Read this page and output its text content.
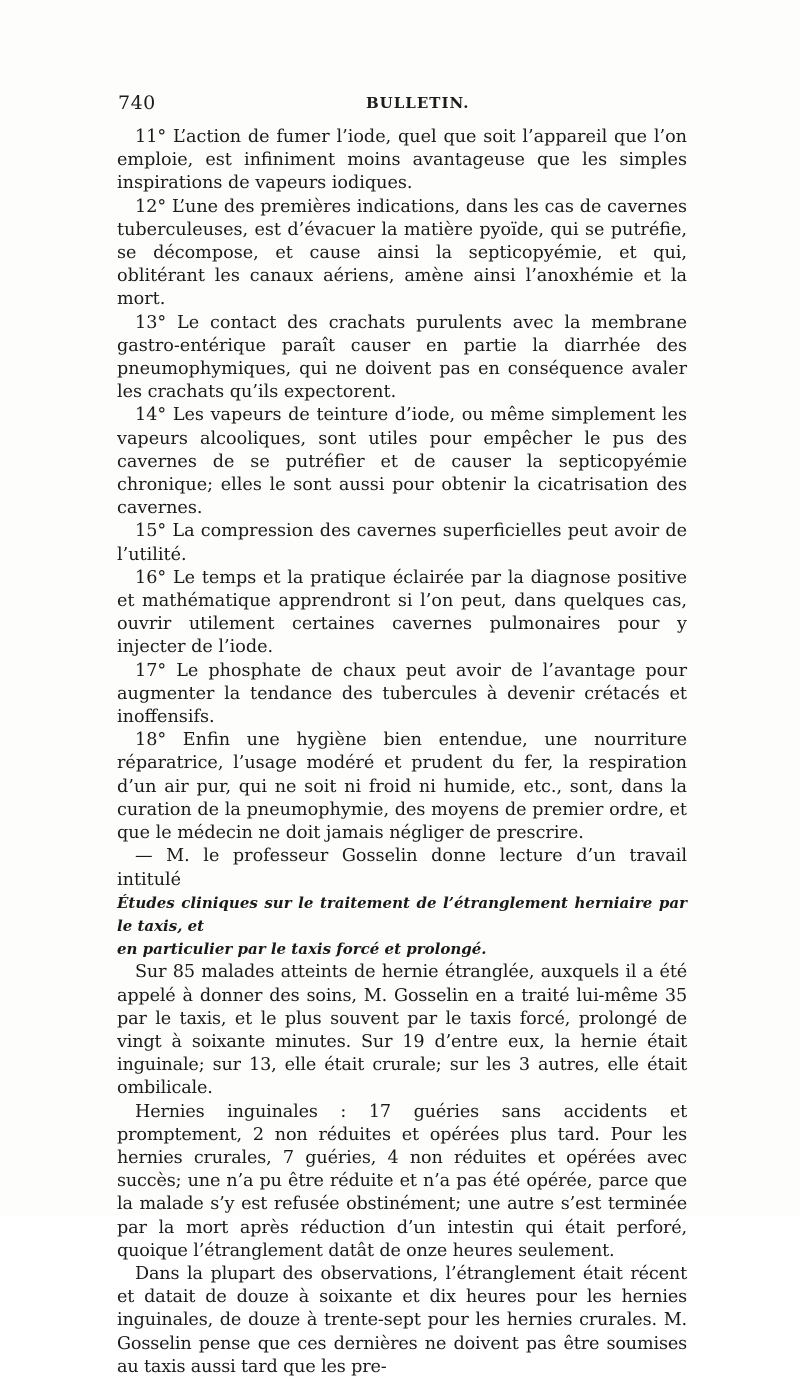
740	BULLETIN.

11° L’action de fumer l’iode, quel que soit l’appareil que l’on emploie, est infiniment moins avantageuse que les simples inspirations de vapeurs iodiques.

12° L’une des premières indications, dans les cas de cavernes tuberculeuses, est d’évacuer la matière pyoïde, qui se putréfie, se décompose, et cause ainsi la septicopyémie, et qui, oblitérant les canaux aériens, amène ainsi l’anoxhémie et la mort.

13° Le contact des crachats purulents avec la membrane gastro-entérique paraît causer en partie la diarrhée des pneumophymiques, qui ne doivent pas en conséquence avaler les crachats qu’ils expectorent.

14° Les vapeurs de teinture d’iode, ou même simplement les vapeurs alcooliques, sont utiles pour empêcher le pus des cavernes de se putréfier et de causer la septicopyémie chronique; elles le sont aussi pour obtenir la cicatrisation des cavernes.

15° La compression des cavernes superficielles peut avoir de l’utilité.

16° Le temps et la pratique éclairée par la diagnose positive et mathématique apprendront si l’on peut, dans quelques cas, ouvrir utilement certaines cavernes pulmonaires pour y injecter de l’iode.

17° Le phosphate de chaux peut avoir de l’avantage pour augmenter la tendance des tubercules à devenir crétacés et inoffensifs.

18° Enfin une hygiène bien entendue, une nourriture réparatrice, l’usage modéré et prudent du fer, la respiration d’un air pur, qui ne soit ni froid ni humide, etc., sont, dans la curation de la pneumophymie, des moyens de premier ordre, et que le médecin ne doit jamais négliger de prescrire.

— M. le professeur Gosselin donne lecture d’un travail intitulé

Études cliniques sur le traitement de l’étranglement herniaire par le taxis, et

en particulier par le taxis forcé et prolongé.

Sur 85 malades atteints de hernie étranglée, auxquels il a été appelé à donner des soins, M. Gosselin en a traité lui-même 35 par le taxis, et le plus souvent par le taxis forcé, prolongé de vingt à soixante minutes. Sur 19 d’entre eux, la hernie était inguinale; sur 13, elle était crurale; sur les 3 autres, elle était ombilicale.

Hernies inguinales : 17 guéries sans accidents et promptement, 2 non réduites et opérées plus tard. Pour les hernies crurales, 7 guéries, 4 non réduites et opérées avec succès; une n’a pu être réduite et n’a pas été opérée, parce que la malade s’y est refusée obstinément; une autre s’est terminée par la mort après réduction d’un intestin qui était perforé, quoique l’étranglement datât de onze heures seulement.

Dans la plupart des observations, l’étranglement était récent et datait de douze à soixante et dix heures pour les hernies inguinales, de douze à trente-sept pour les hernies crurales. M. Gosselin pense que ces dernières ne doivent pas être soumises au taxis aussi tard que les pre-
